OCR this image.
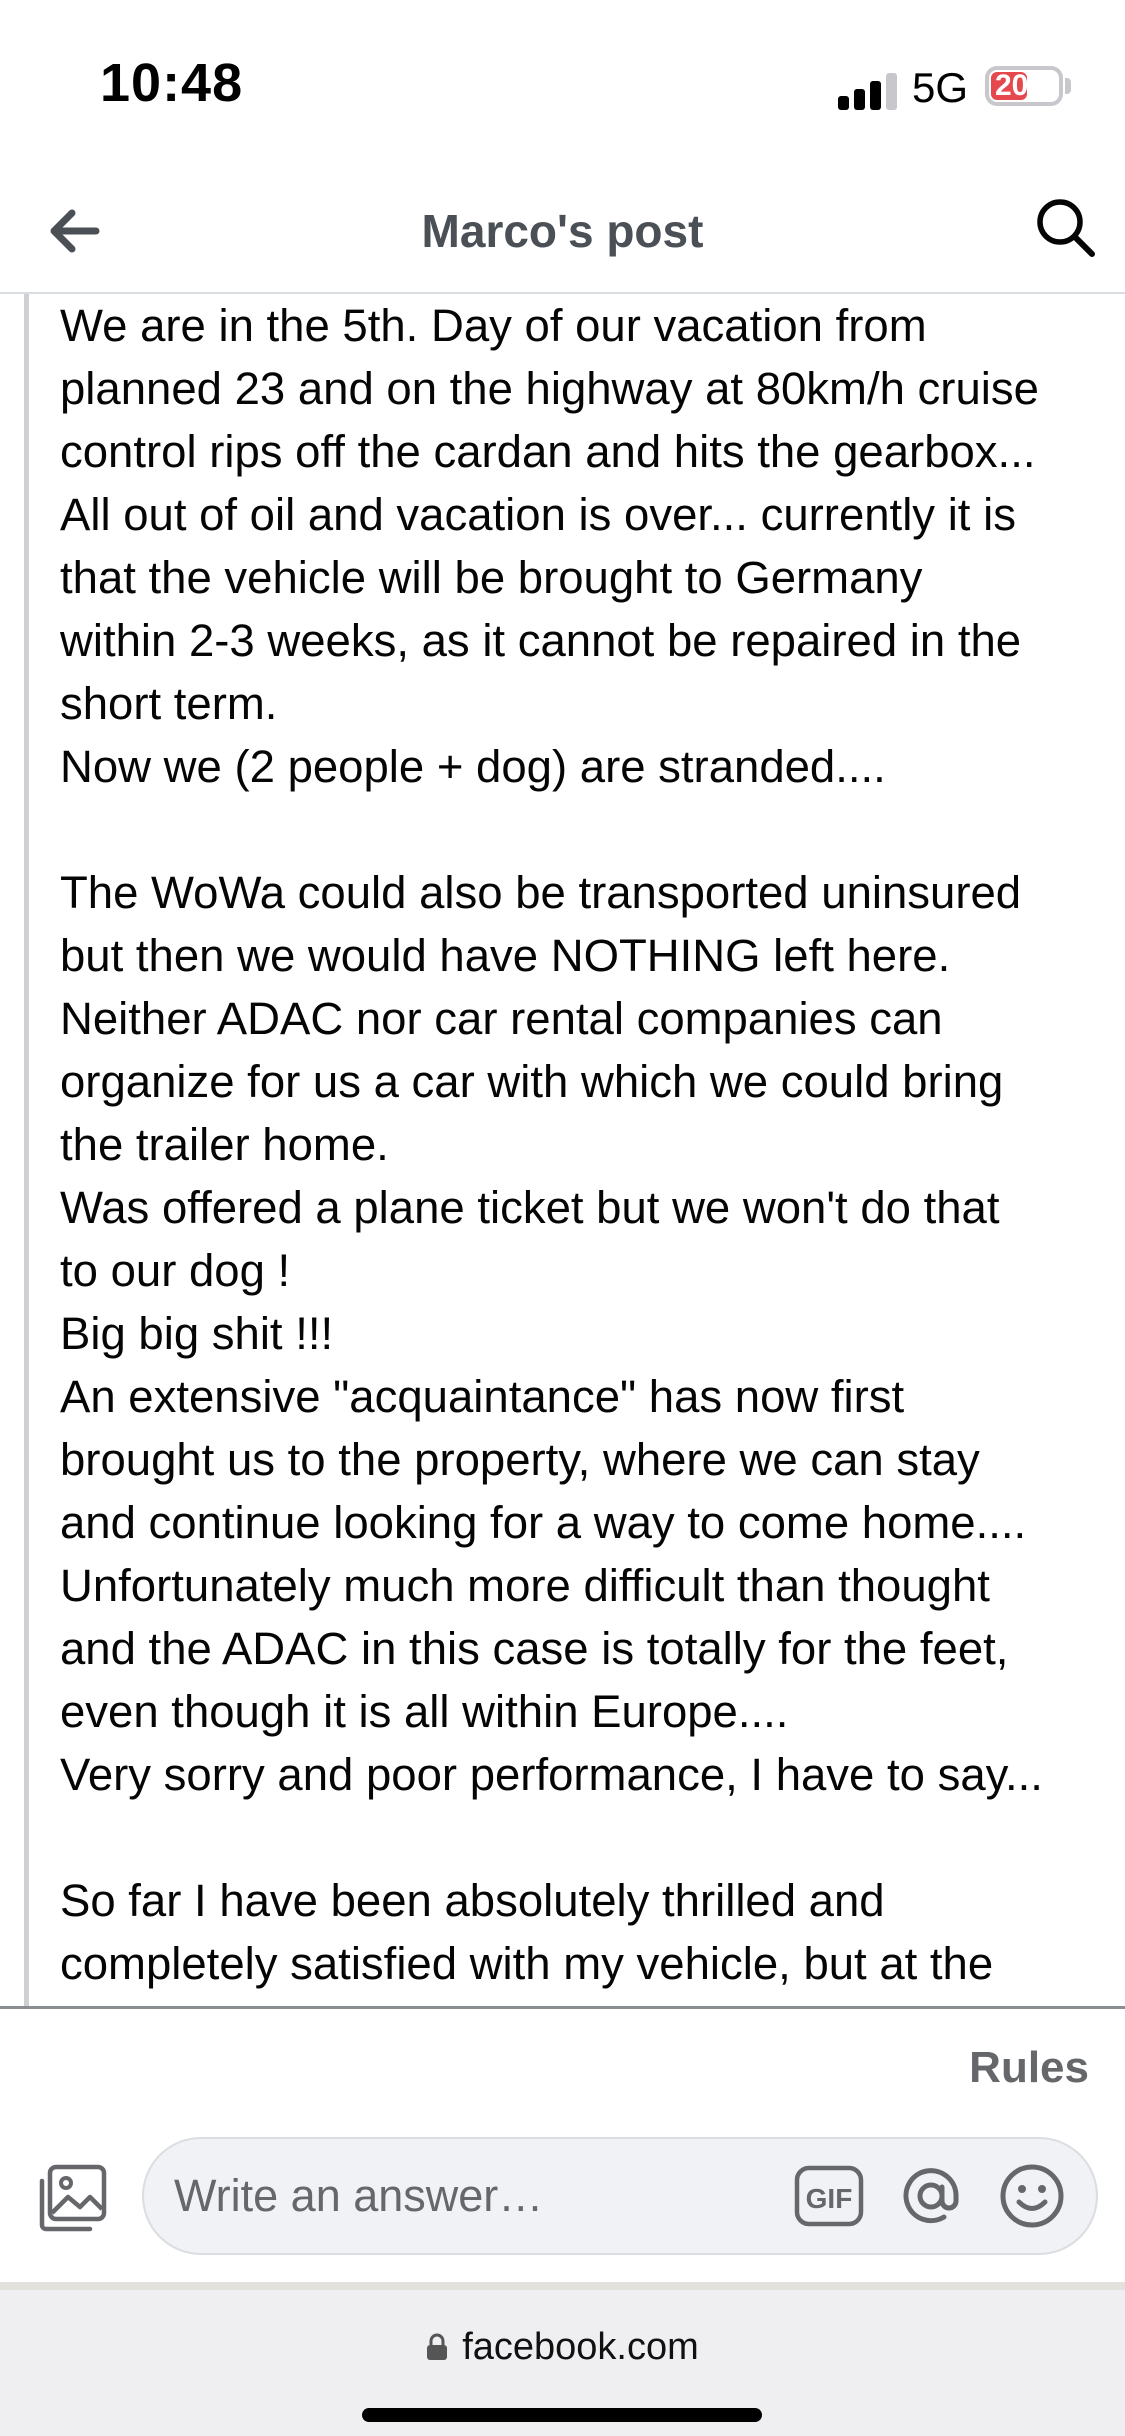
10:48	5G 20
Marco's post

We are in the 5th. Day of our vacation from

planned 23 and on the highway at 80km/h cruise

control rips off the cardan and hits the gearbox...

All out of oil and vacation is over... currently it is

that the vehicle will be brought to Germany

within 2-3 weeks, as it cannot be repaired in the

short term.

Now we (2 people + dog) are stranded....

The WoWa could also be transported uninsured

but then we would have NOTHING left here.

Neither ADAC nor car rental companies can

organize for us a car with which we could bring

the trailer home.

Was offered a plane ticket but we won't do that

to our dog !

Big big shit !!!

An extensive "acquaintance" has now first

brought us to the property, where we can stay

and continue looking for a way to come home....

Unfortunately much more difficult than thought

and the ADAC in this case is totally for the feet,

even though it is all within Europe....

Very sorry and poor performance, I have to say...

So far I have been absolutely thrilled and

completely satisfied with my vehicle, but at the

Rules
Write an answer…
GIF
facebook.com
